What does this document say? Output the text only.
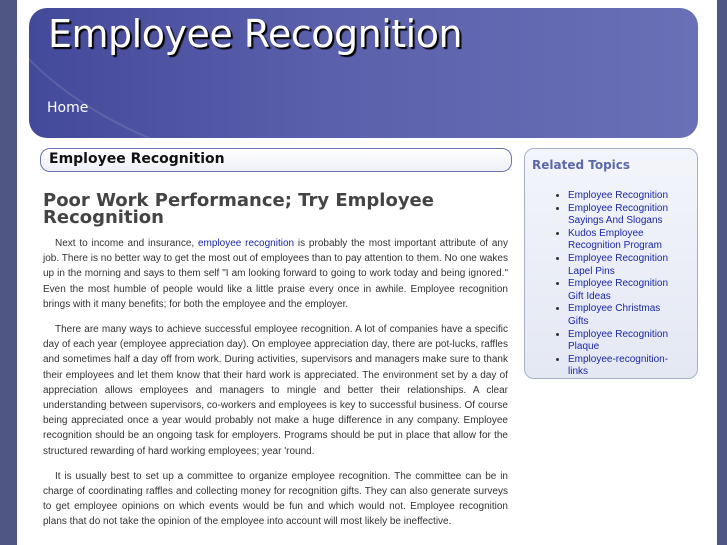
Employee Recognition
Home
Employee Recognition
Poor Work Performance; Try Employee Recognition

Next to income and insurance, employee recognition is probably the most important attribute of any job. There is no better way to get the most out of employees than to pay attention to them. No one wakes up in the morning and says to them self "I am looking forward to going to work today and being ignored." Even the most humble of people would like a little praise every once in awhile. Employee recognition brings with it many benefits; for both the employee and the employer.

There are many ways to achieve successful employee recognition. A lot of companies have a specific day of each year (employee appreciation day). On employee appreciation day, there are pot-lucks, raffles and sometimes half a day off from work. During activities, supervisors and managers make sure to thank their employees and let them know that their hard work is appreciated. The environment set by a day of appreciation allows employees and managers to mingle and better their relationships. A clear understanding between supervisors, co-workers and employees is key to successful business. Of course being appreciated once a year would probably not make a huge difference in any company. Employee recognition should be an ongoing task for employers. Programs should be put in place that allow for the structured rewarding of hard working employees; year 'round.

It is usually best to set up a committee to organize employee recognition. The committee can be in charge of coordinating raffles and collecting money for recognition gifts. They can also generate surveys to get employee opinions on which events would be fun and which would not. Employee recognition plans that do not take the opinion of the employee into account will most likely be ineffective.

Related Topics
• Employee Recognition
• Employee Recognition Sayings And Slogans
• Kudos Employee Recognition Program
• Employee Recognition Lapel Pins
• Employee Recognition Gift Ideas
• Employee Christmas Gifts
• Employee Recognition Plaque
• Employee-recognition-links
